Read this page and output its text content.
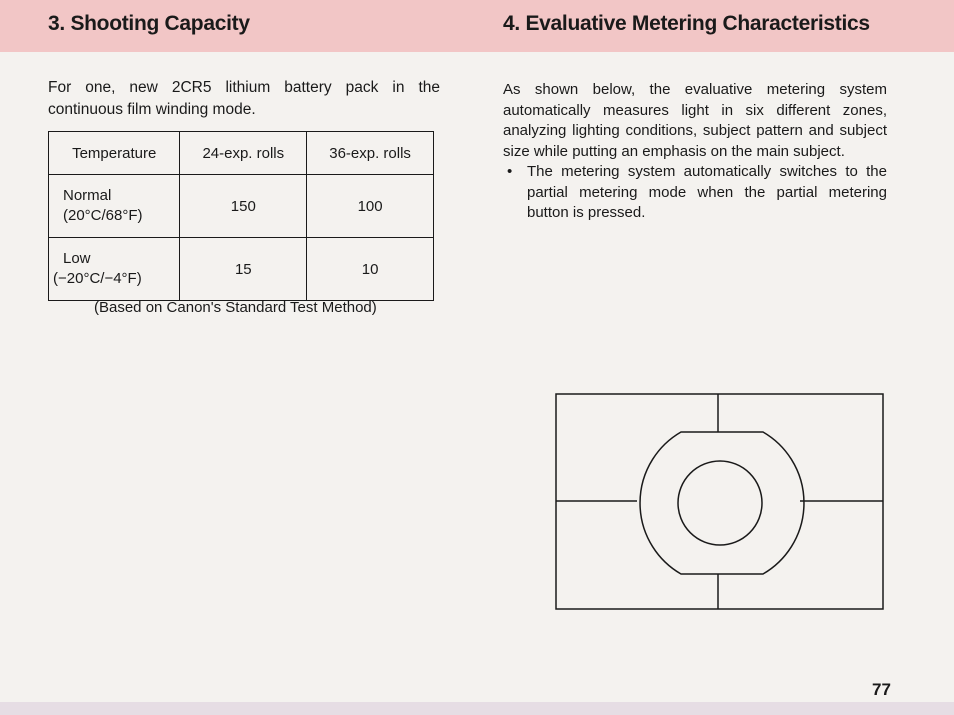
3. Shooting Capacity	4. Evaluative Metering Characteristics
For one, new 2CR5 lithium battery pack in the continuous film winding mode.
Temperature	24-exp. rolls	36-exp. rolls

Normal
(20°C/68°F)	150	100

Low
(−20°C/−4°F)	15	10
(Based on Canon's Standard Test Method)
As shown below, the evaluative metering system automatically measures light in six different zones, analyzing lighting conditions, subject pattern and subject size while putting an emphasis on the main subject.
• The metering system automatically switches to the partial metering mode when the partial metering button is pressed.
77
